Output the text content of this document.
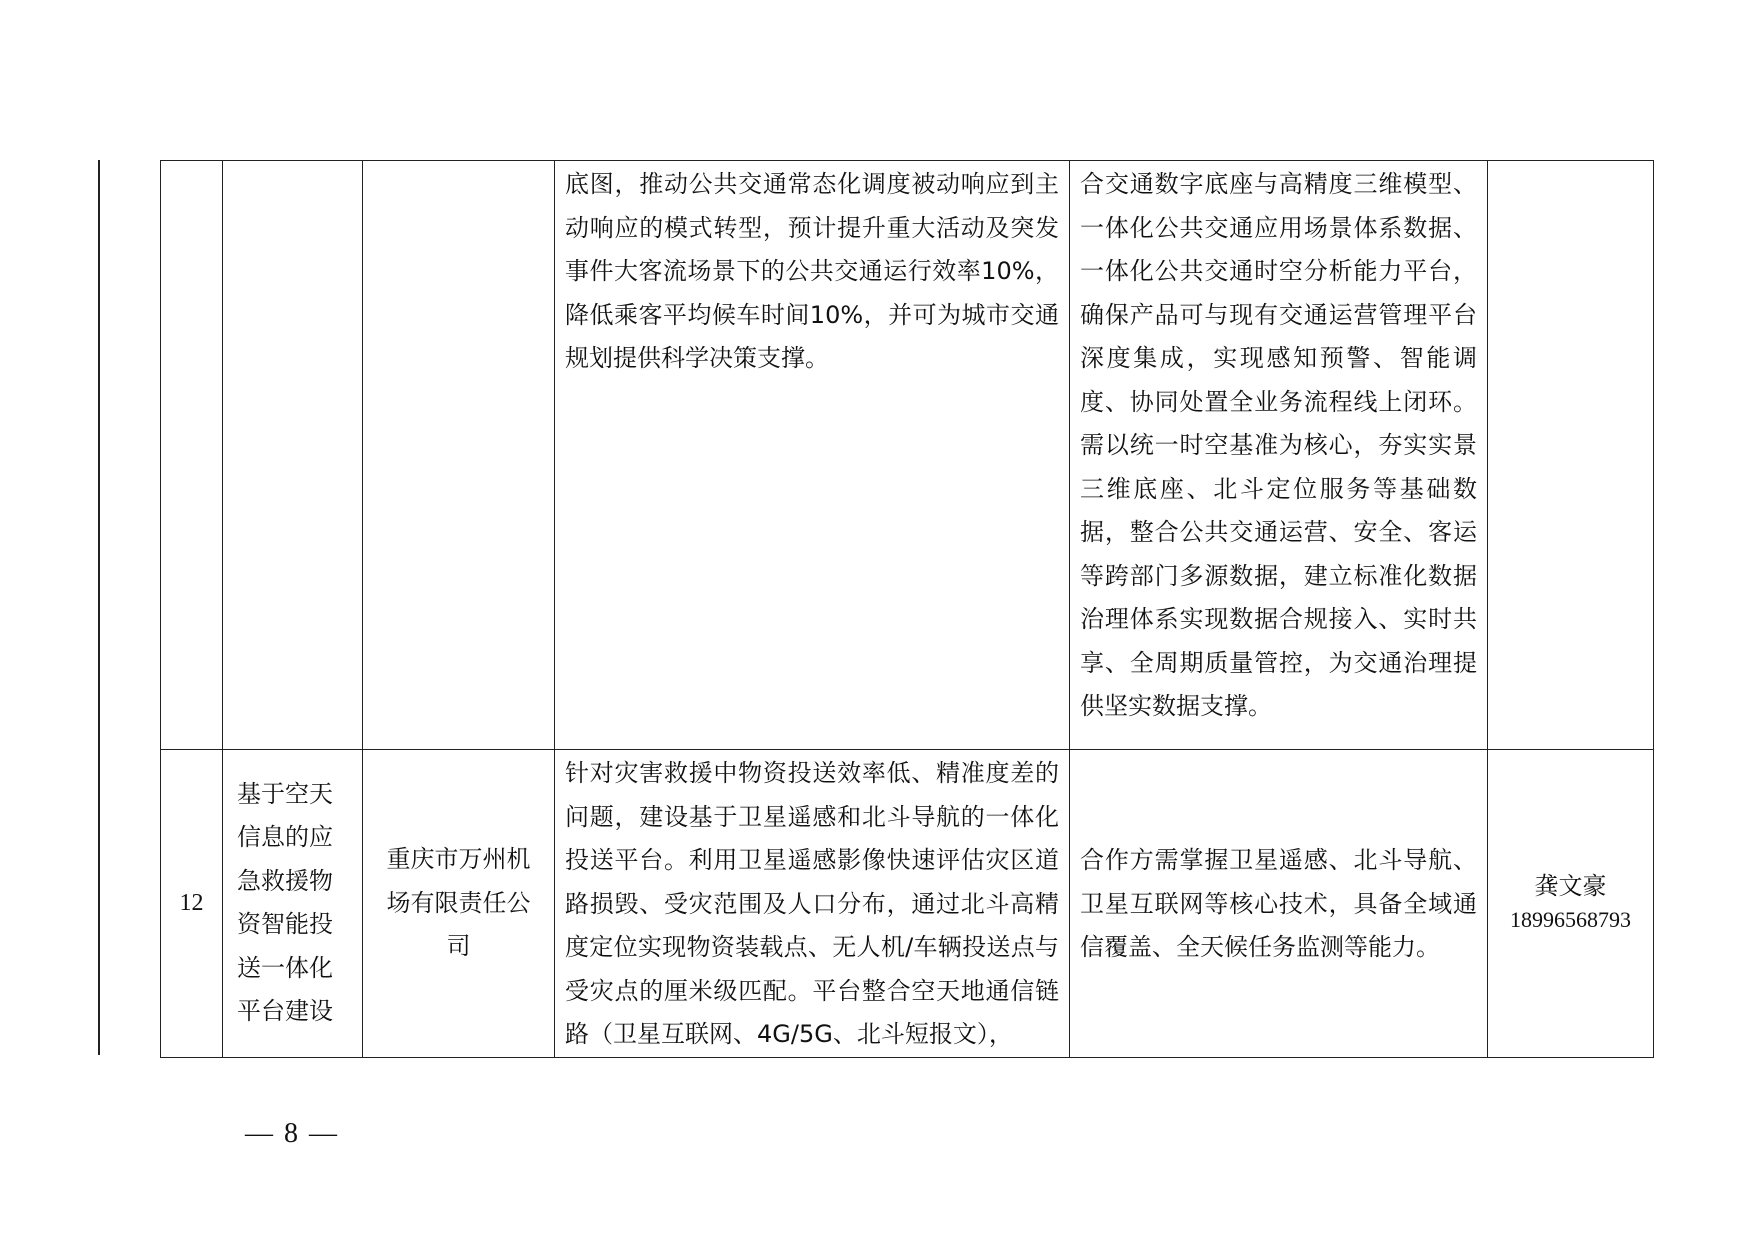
			底图，推动公共交通常态化调度被动响应到主动响应的模式转型，预计提升重大活动及突发事件大客流场景下的公共交通运行效率10%，降低乘客平均候车时间10%，并可为城市交通规划提供科学决策支撑。	合交通数字底座与高精度三维模型、一体化公共交通应用场景体系数据、一体化公共交通时空分析能力平台，确保产品可与现有交通运营管理平台深度集成，实现感知预警、智能调度、协同处置全业务流程线上闭环。需以统一时空基准为核心，夯实实景三维底座、北斗定位服务等基础数据，整合公共交通运营、安全、客运等跨部门多源数据，建立标准化数据治理体系实现数据合规接入、实时共享、全周期质量管控，为交通治理提供坚实数据支撑。	

12	基于空天信息的应急救援物资智能投送一体化平台建设	重庆市万州机场有限责任公司	针对灾害救援中物资投送效率低、精准度差的问题，建设基于卫星遥感和北斗导航的一体化投送平台。利用卫星遥感影像快速评估灾区道路损毁、受灾范围及人口分布，通过北斗高精度定位实现物资装载点、无人机/车辆投送点与受灾点的厘米级匹配。平台整合空天地通信链路（卫星互联网、4G/5G、北斗短报文），	合作方需掌握卫星遥感、北斗导航、卫星互联网等核心技术，具备全域通信覆盖、全天候任务监测等能力。	龚文豪
18996568793
— 8 —
